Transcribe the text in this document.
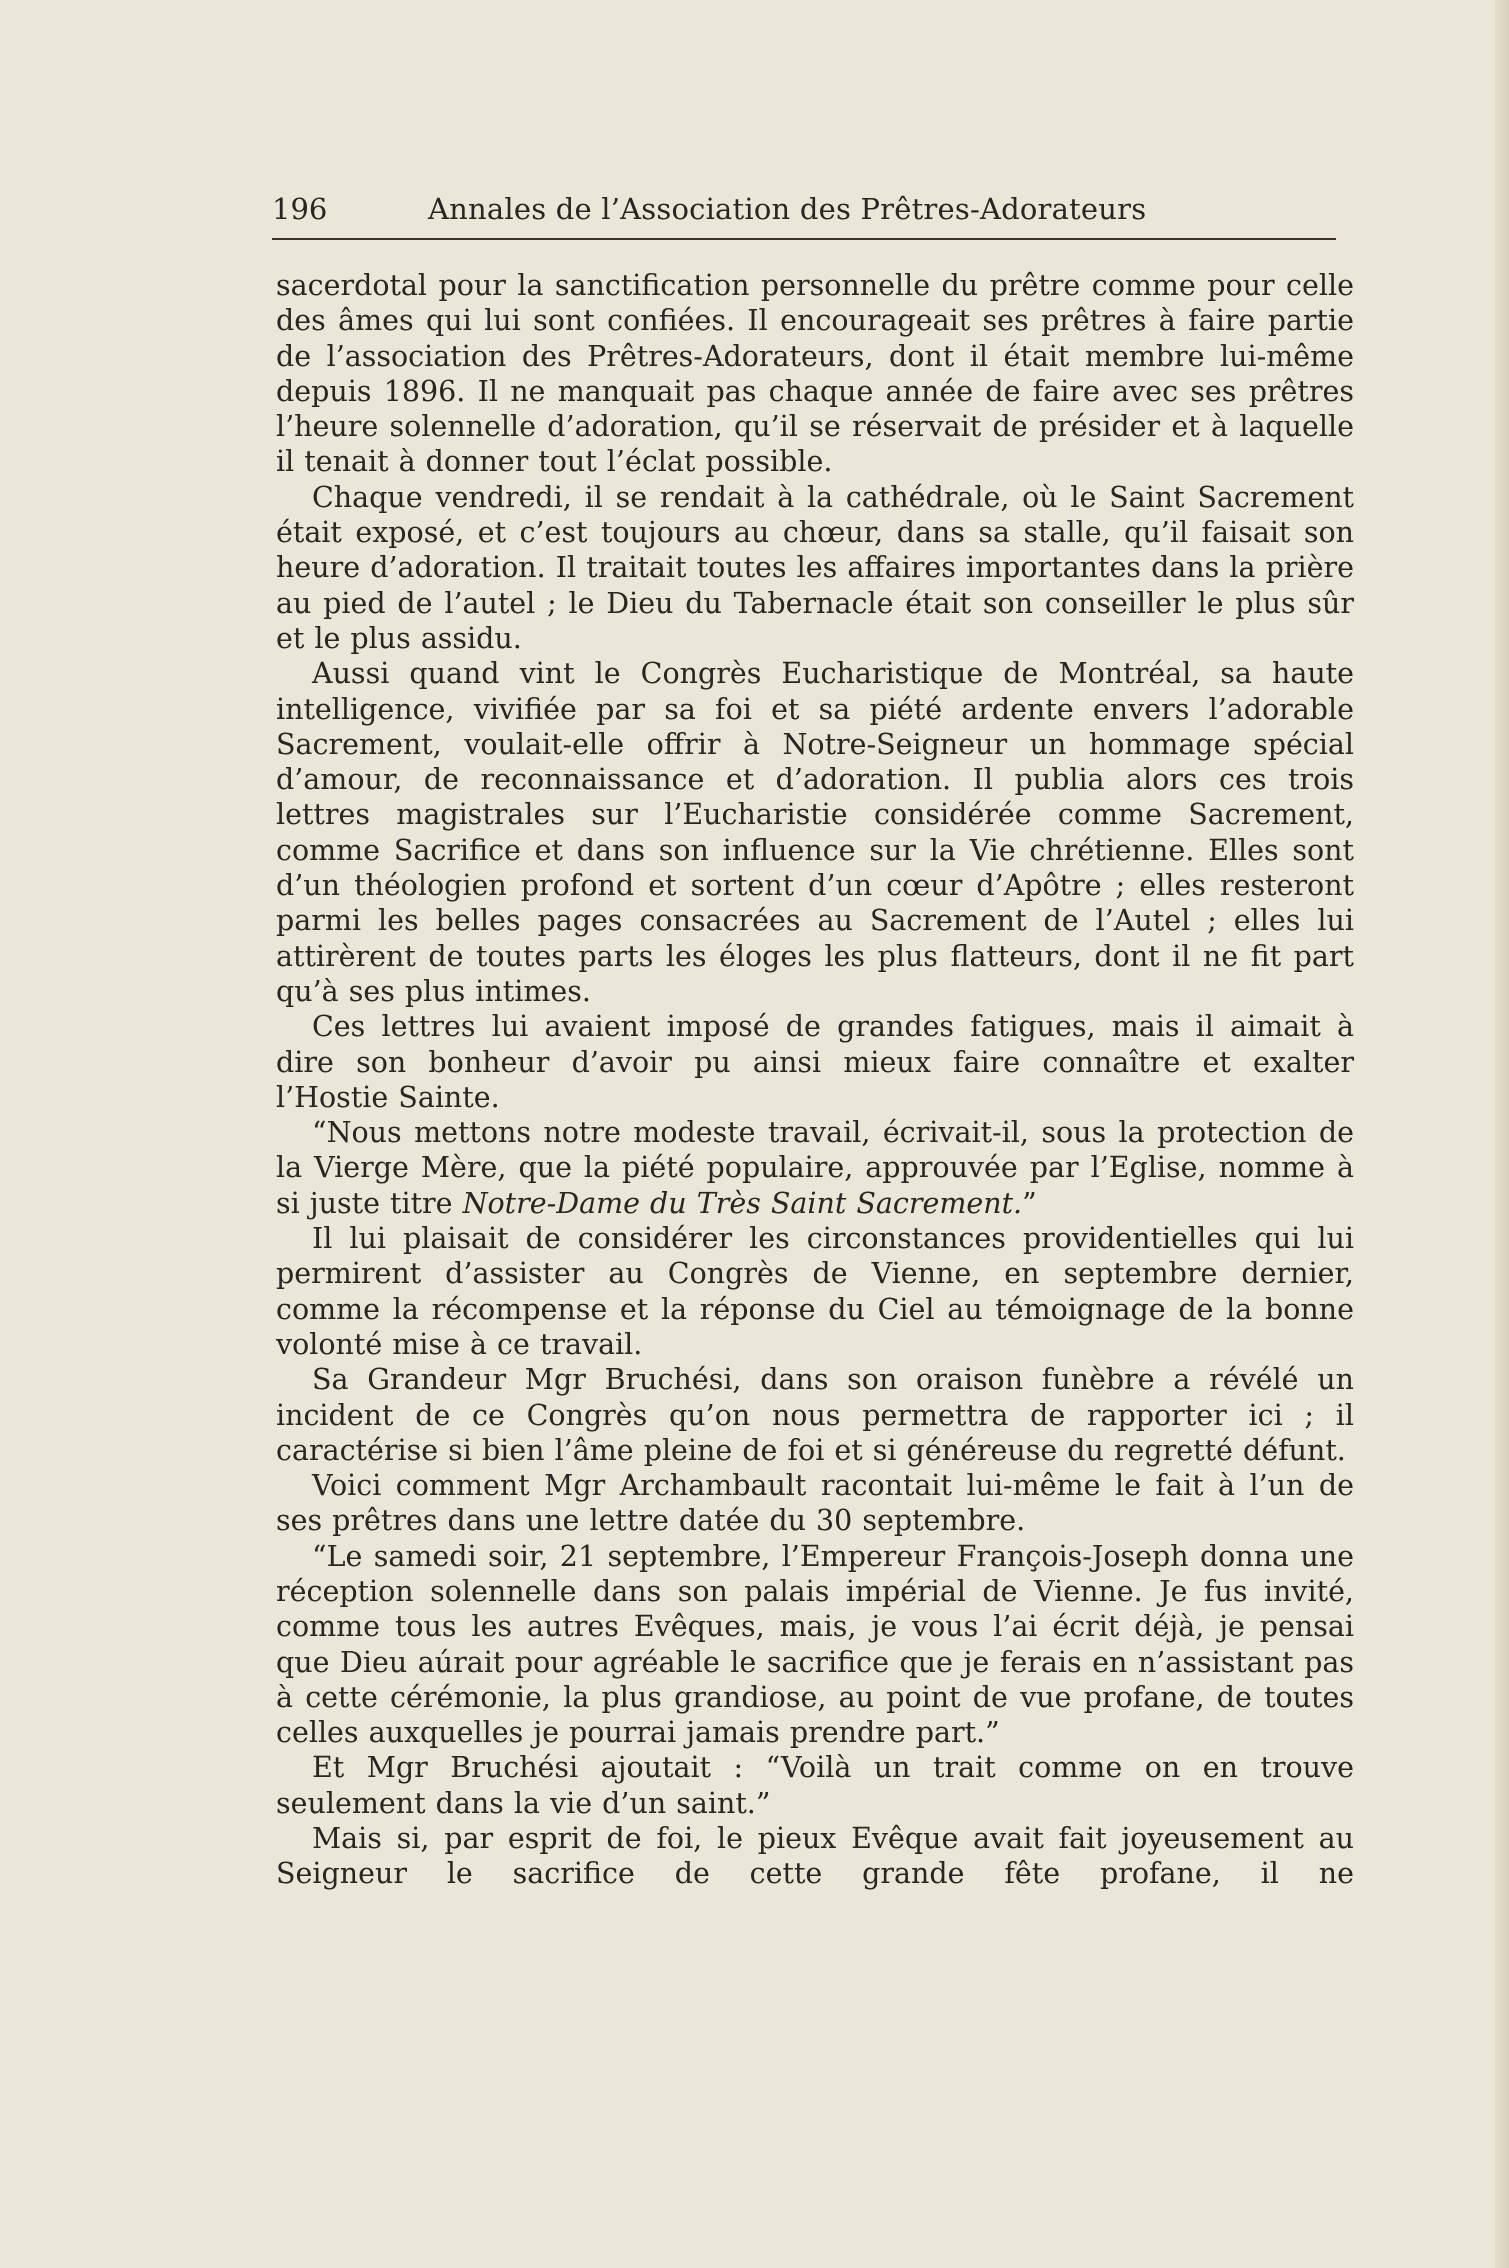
196	Annales de l’Association des Prêtres-Adorateurs

sacerdotal pour la sanctification personnelle du prêtre comme pour celle des âmes qui lui sont confiées. Il encourageait ses prêtres à faire partie de l’association des Prêtres-Adorateurs, dont il était membre lui-même depuis 1896. Il ne manquait pas chaque année de faire avec ses prêtres l’heure solennelle d’adoration, qu’il se réservait de présider et à laquelle il tenait à donner tout l’éclat possible.

Chaque vendredi, il se rendait à la cathédrale, où le Saint Sacrement était exposé, et c’est toujours au chœur, dans sa stalle, qu’il faisait son heure d’adoration. Il traitait toutes les affaires importantes dans la prière au pied de l’autel ; le Dieu du Tabernacle était son conseiller le plus sûr et le plus assidu.

Aussi quand vint le Congrès Eucharistique de Montréal, sa haute intelligence, vivifiée par sa foi et sa piété ardente envers l’adorable Sacrement, voulait-elle offrir à Notre-Seigneur un hommage spécial d’amour, de reconnaissance et d’adoration. Il publia alors ces trois lettres magistrales sur l’Eucharistie considérée comme Sacrement, comme Sacrifice et dans son influence sur la Vie chrétienne. Elles sont d’un théologien profond et sortent d’un cœur d’Apôtre ; elles resteront parmi les belles pages consacrées au Sacrement de l’Autel ; elles lui attirèrent de toutes parts les éloges les plus flatteurs, dont il ne fit part qu’à ses plus intimes.

Ces lettres lui avaient imposé de grandes fatigues, mais il aimait à dire son bonheur d’avoir pu ainsi mieux faire connaître et exalter l’Hostie Sainte.

“Nous mettons notre modeste travail, écrivait-il, sous la protection de la Vierge Mère, que la piété populaire, approuvée par l’Eglise, nomme à si juste titre Notre-Dame du Très Saint Sacrement.”

Il lui plaisait de considérer les circonstances providentielles qui lui permirent d’assister au Congrès de Vienne, en septembre dernier, comme la récompense et la réponse du Ciel au témoignage de la bonne volonté mise à ce travail.

Sa Grandeur Mgr Bruchési, dans son oraison funèbre a révélé un incident de ce Congrès qu’on nous permettra de rapporter ici ; il caractérise si bien l’âme pleine de foi et si généreuse du regretté défunt.

Voici comment Mgr Archambault racontait lui-même le fait à l’un de ses prêtres dans une lettre datée du 30 septembre.

“Le samedi soir, 21 septembre, l’Empereur François-Joseph donna une réception solennelle dans son palais impérial de Vienne. Je fus invité, comme tous les autres Evêques, mais, je vous l’ai écrit déjà, je pensai que Dieu aúrait pour agréable le sacrifice que je ferais en n’assistant pas à cette cérémonie, la plus grandiose, au point de vue profane, de toutes celles auxquelles je pourrai jamais prendre part.”

Et Mgr Bruchési ajoutait : “Voilà un trait comme on en trouve seulement dans la vie d’un saint.”

Mais si, par esprit de foi, le pieux Evêque avait fait joyeusement au Seigneur le sacrifice de cette grande fête profane, il ne
